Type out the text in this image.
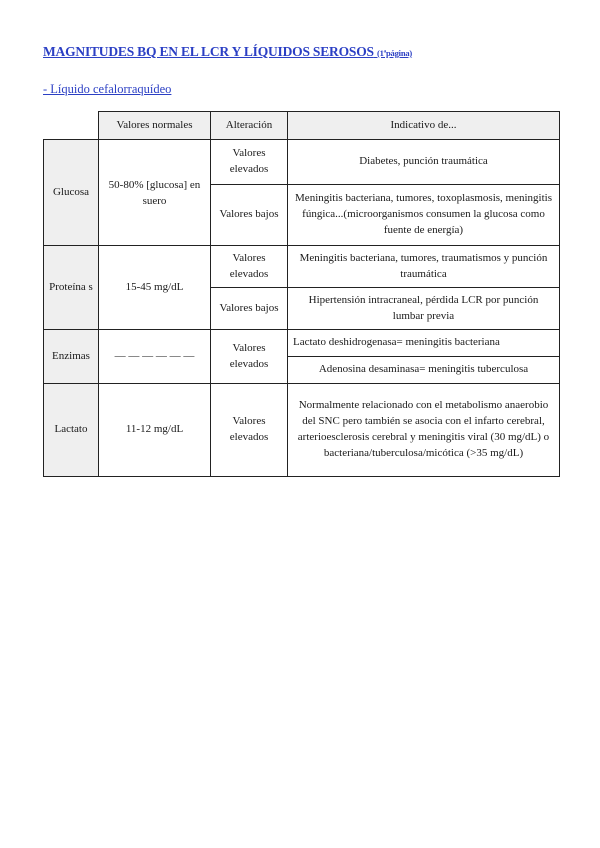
MAGNITUDES BQ EN EL LCR Y LÍQUIDOS SEROSOS (1ªpágina)
- Líquido cefalorraquídeo
	Valores normales	Alteración	Indicativo de...
Glucosa	50-80% [glucosa] en suero	Valores elevados	Diabetes, punción traumática
		Valores bajos	Meningitis bacteriana, tumores, toxoplasmosis, meningitis fúngica...(microorganismos consumen la glucosa como fuente de energía)
Proteína s	15-45 mg/dL	Valores elevados	Meningitis bacteriana, tumores, traumatismos y punción traumática
		Valores bajos	Hipertensión intracraneal, pérdida LCR por punción lumbar previa
Enzimas	— — — — — —	Valores elevados	Lactato deshidrogenasa= meningitis bacteriana
			Adenosina desaminasa= meningitis tuberculosa
Lactato	11-12 mg/dL	Valores elevados	Normalmente relacionado con el metabolismo anaerobio del SNC pero también se asocia con el infarto cerebral, arterioesclerosis cerebral y meningitis viral (30 mg/dL) o bacteriana/tuberculosa/micótica (>35 mg/dL)
